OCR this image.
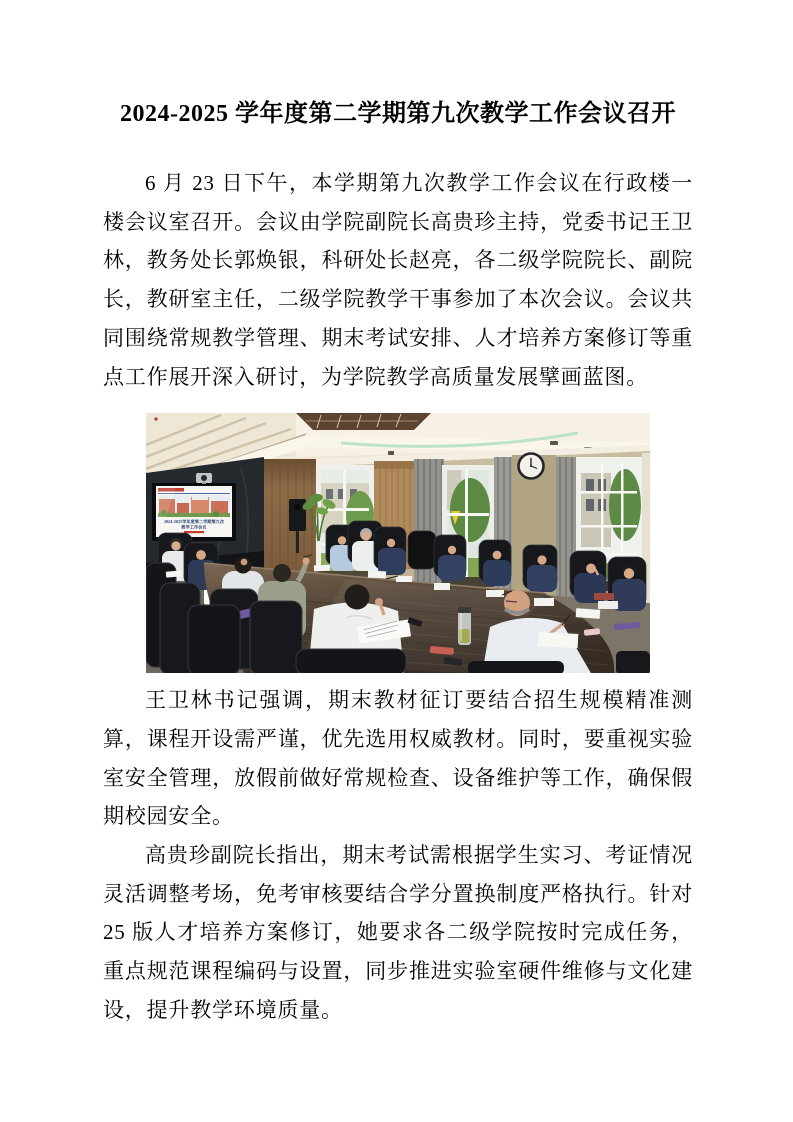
2024-2025 学年度第二学期第九次教学工作会议召开

6 月 23 日下午，本学期第九次教学工作会议在行政楼一楼会议室召开。会议由学院副院长高贵珍主持，党委书记王卫林，教务处长郭焕银，科研处长赵亮，各二级学院院长、副院长，教研室主任，二级学院教学干事参加了本次会议。会议共同围绕常规教学管理、期末考试安排、人才培养方案修订等重点工作展开深入研讨，为学院教学高质量发展擘画蓝图。

2024-2025学年度第二学期第九次
教学工作会议

王卫林书记强调，期末教材征订要结合招生规模精准测算，课程开设需严谨，优先选用权威教材。同时，要重视实验室安全管理，放假前做好常规检查、设备维护等工作，确保假期校园安全。

高贵珍副院长指出，期末考试需根据学生实习、考证情况灵活调整考场，免考审核要结合学分置换制度严格执行。针对 25 版人才培养方案修订，她要求各二级学院按时完成任务，重点规范课程编码与设置，同步推进实验室硬件维修与文化建设，提升教学环境质量。
